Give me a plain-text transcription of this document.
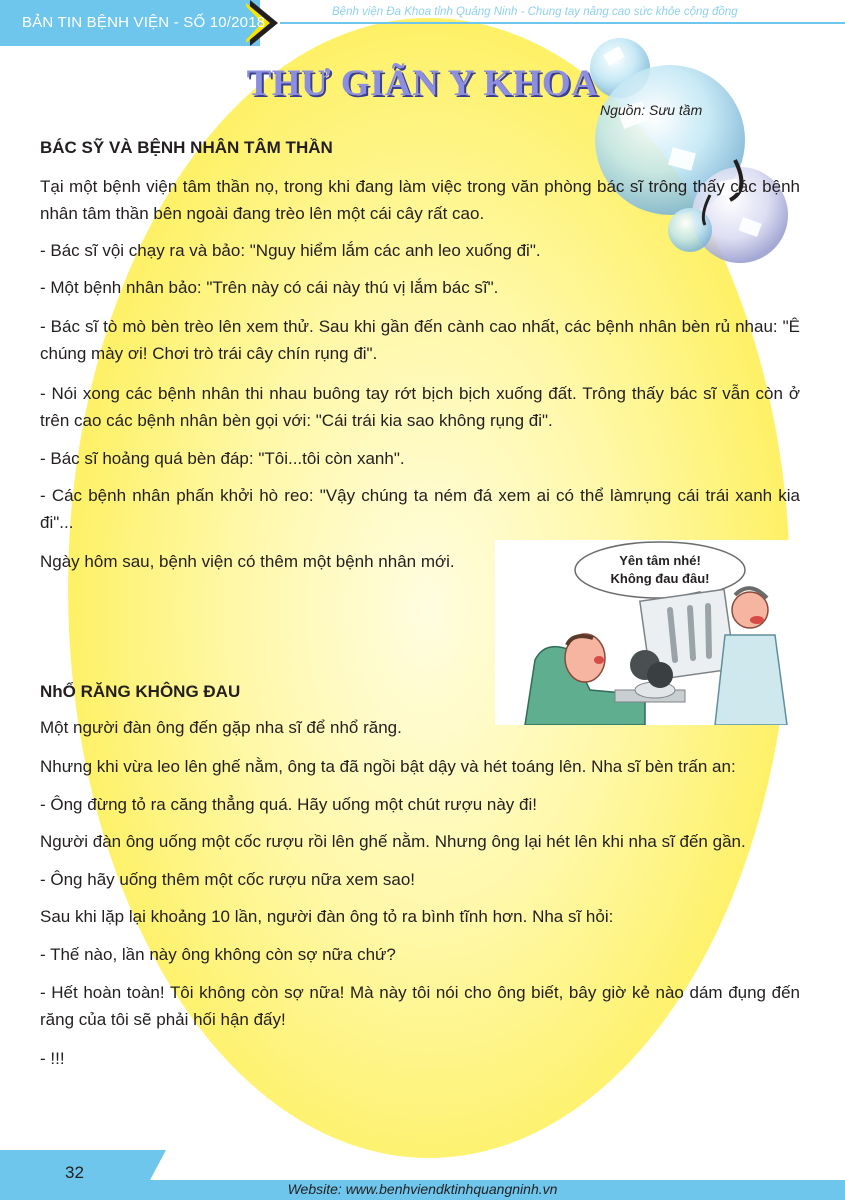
BẢN TIN BỆNH VIỆN - SỐ 10/2018
Bệnh viện Đa Khoa tỉnh Quảng Ninh - Chung tay nâng cao sức khỏe cộng đồng
THƯ GIÃN Y KHOA
Nguồn: Sưu tầm
BÁC SỸ VÀ BỆNH NHÂN TÂM THẦN
Tại một bệnh viện tâm thần nọ, trong khi đang làm việc trong văn phòng bác sĩ trông thấy các bệnh nhân tâm thần bên ngoài đang trèo lên một cái cây rất cao.
- Bác sĩ vội chạy ra và bảo: "Nguy hiểm lắm các anh leo xuống đi".
- Một bệnh nhân bảo: "Trên này có cái này thú vị lắm bác sĩ".
- Bác sĩ tò mò bèn trèo lên xem thử. Sau khi gần đến cành cao nhất, các bệnh nhân bèn rủ nhau: "Ê chúng mày ơi! Chơi trò trái cây chín rụng đi".
- Nói xong các bệnh nhân thi nhau buông tay rớt bịch bịch xuống đất. Trông thấy bác sĩ vẫn còn ở trên cao các bệnh nhân bèn gọi với: "Cái trái kia sao không rụng đi".
- Bác sĩ hoảng quá bèn đáp: "Tôi...tôi còn xanh".
- Các bệnh nhân phấn khởi hò reo: "Vậy chúng ta ném đá xem ai có thể làmrụng cái trái xanh kia đi"...
Ngày hôm sau, bệnh viện có thêm một bệnh nhân mới.	Yên tâm nhé!
Không đau đâu!
NhỔ RĂNG KHÔNG ĐAU
Một người đàn ông đến gặp nha sĩ để nhổ răng.
Nhưng khi vừa leo lên ghế nằm, ông ta đã ngồi bật dậy và hét toáng lên. Nha sĩ bèn trấn an:
- Ông đừng tỏ ra căng thẳng quá. Hãy uống một chút rượu này đi!
Người đàn ông uống một cốc rượu rồi lên ghế nằm. Nhưng ông lại hét lên khi nha sĩ đến gần.
- Ông hãy uống thêm một cốc rượu nữa xem sao!
Sau khi lặp lại khoảng 10 lần, người đàn ông tỏ ra bình tĩnh hơn. Nha sĩ hỏi:
- Thế nào, lần này ông không còn sợ nữa chứ?
- Hết hoàn toàn! Tôi không còn sợ nữa! Mà này tôi nói cho ông biết, bây giờ kẻ nào dám đụng đến răng của tôi sẽ phải hối hận đấy!
- !!!
32
Website: www.benhviendktinhquangninh.vn
